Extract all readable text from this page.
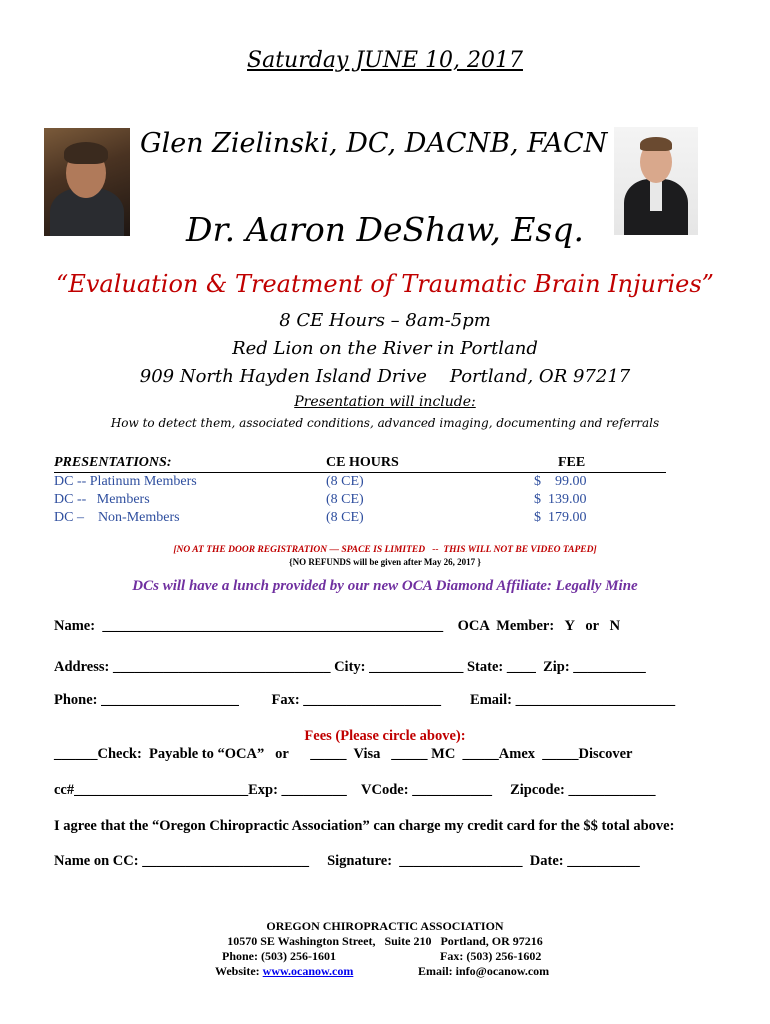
Saturday JUNE 10, 2017
Glen Zielinski, DC, DACNB, FACN
Dr. Aaron DeShaw, Esq.
“Evaluation & Treatment of Traumatic Brain Injuries”
8 CE Hours – 8am-5pm
Red Lion on the River in Portland
909 North Hayden Island Drive    Portland, OR 97217
Presentation will include:
How to detect them, associated conditions, advanced imaging, documenting and referrals
PRESENTATIONS:	CE HOURS	FEE
DC -- Platinum Members	(8 CE)	$    99.00
DC --   Members	(8 CE)	$  139.00
DC –    Non-Members	(8 CE)	$  179.00
[NO AT THE DOOR REGISTRATION — SPACE IS LIMITED   --  THIS WILL NOT BE VIDEO TAPED]
{NO REFUNDS will be given after May 26, 2017 }
DCs will have a lunch provided by our new OCA Diamond Affiliate: Legally Mine
Name:  _______________________________________________    OCA  Member:   Y   or   N
Address: ______________________________ City: _____________ State: ____  Zip: __________
Phone: ___________________         Fax: ___________________        Email: ______________________
Fees (Please circle above):
______Check:  Payable to “OCA”   or      _____  Visa   _____ MC  _____Amex  _____Discover
cc#________________________Exp: _________    VCode: ___________     Zipcode: ____________
I agree that the “Oregon Chiropractic Association” can charge my credit card for the $$ total above:
Name on CC: _______________________     Signature:  _________________  Date: __________
OREGON CHIROPRACTIC ASSOCIATION
10570 SE Washington Street,   Suite 210   Portland, OR 97216
Phone: (503) 256-1601	Fax: (503) 256-1602
Website: www.ocanow.com	Email: info@ocanow.com
